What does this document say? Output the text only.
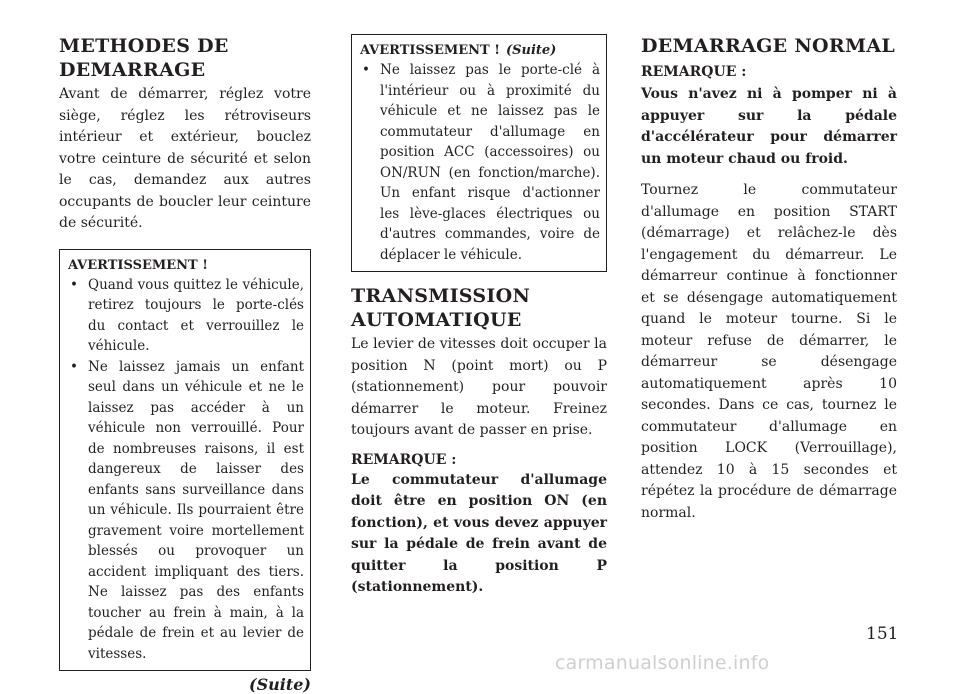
METHODES DE DEMARRAGE

Avant de démarrer, réglez votre siège, réglez les rétroviseurs intérieur et extérieur, bouclez votre ceinture de sécurité et selon le cas, demandez aux autres occupants de boucler leur ceinture de sécurité.

AVERTISSEMENT !
• Quand vous quittez le véhicule, retirez toujours le porte-clés du contact et verrouillez le véhicule.
• Ne laissez jamais un enfant seul dans un véhicule et ne le laissez pas accéder à un véhicule non verrouillé. Pour de nombreuses raisons, il est dangereux de laisser des enfants sans surveillance dans un véhicule. Ils pourraient être gravement voire mortellement blessés ou provoquer un accident impliquant des tiers. Ne laissez pas des enfants toucher au frein à main, à la pédale de frein et au levier de vitesses.
(Suite)
AVERTISSEMENT ! (Suite)
• Ne laissez pas le porte-clé à l'intérieur ou à proximité du véhicule et ne laissez pas le commutateur d'allumage en position ACC (accessoires) ou ON/RUN (en fonction/marche). Un enfant risque d'actionner les lève-glaces électriques ou d'autres commandes, voire de déplacer le véhicule.
TRANSMISSION AUTOMATIQUE

Le levier de vitesses doit occuper la position N (point mort) ou P (stationnement) pour pouvoir démarrer le moteur. Freinez toujours avant de passer en prise.

REMARQUE :
Le commutateur d'allumage doit être en position ON (en fonction), et vous devez appuyer sur la pédale de frein avant de quitter la position P (stationnement).
DEMARRAGE NORMAL
REMARQUE :
Vous n'avez ni à pomper ni à appuyer sur la pédale d'accélérateur pour démarrer un moteur chaud ou froid.

Tournez le commutateur d'allumage en position START (démarrage) et relâchez-le dès l'engagement du démarreur. Le démarreur continue à fonctionner et se désengage automatiquement quand le moteur tourne. Si le moteur refuse de démarrer, le démarreur se désengage automatiquement après 10 secondes. Dans ce cas, tournez le commutateur d'allumage en position LOCK (Verrouillage), attendez 10 à 15 secondes et répétez la procédure de démarrage normal.

151
carmanualsonline.info
